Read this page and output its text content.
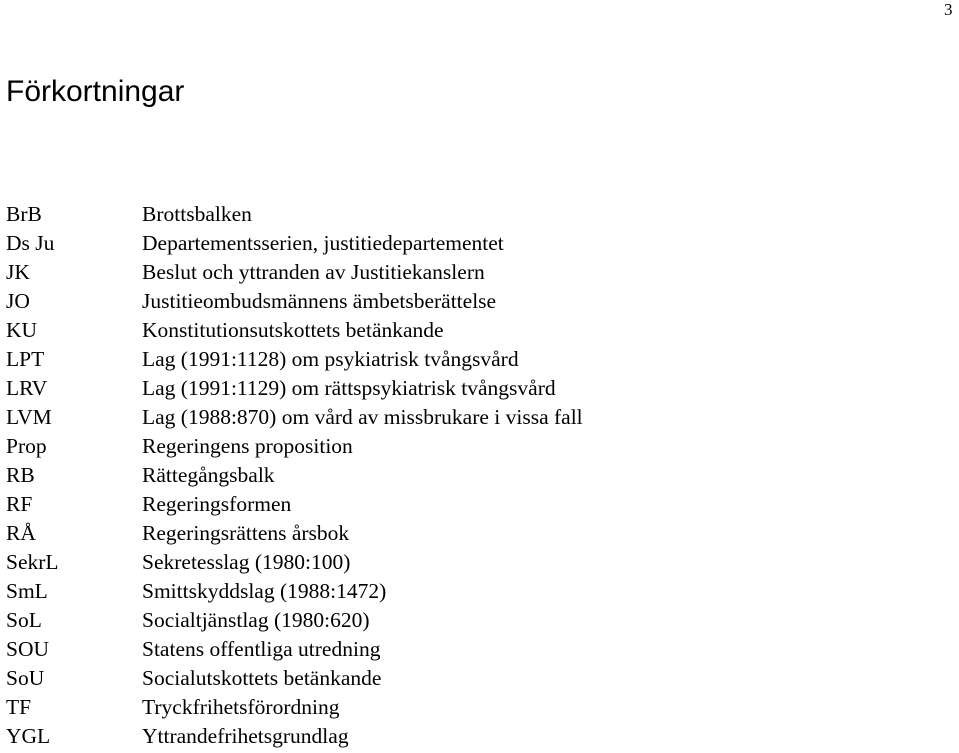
3
Förkortningar
BrB	Brottsbalken
Ds Ju	Departementsserien, justitiedepartementet
JK	Beslut och yttranden av Justitiekanslern
JO	Justitieombudsmännens ämbetsberättelse
KU	Konstitutionsutskottets betänkande
LPT	Lag (1991:1128) om psykiatrisk tvångsvård
LRV	Lag (1991:1129) om rättspsykiatrisk tvångsvård
LVM	Lag (1988:870) om vård av missbrukare i vissa fall
Prop	Regeringens proposition
RB	Rättegångsbalk
RF	Regeringsformen
RÅ	Regeringsrättens årsbok
SekrL	Sekretesslag (1980:100)
SmL	Smittskyddslag (1988:1472)
SoL	Socialtjänstlag (1980:620)
SOU	Statens offentliga utredning
SoU	Socialutskottets betänkande
TF	Tryckfrihetsförordning
YGL	Yttrandefrihetsgrundlag
